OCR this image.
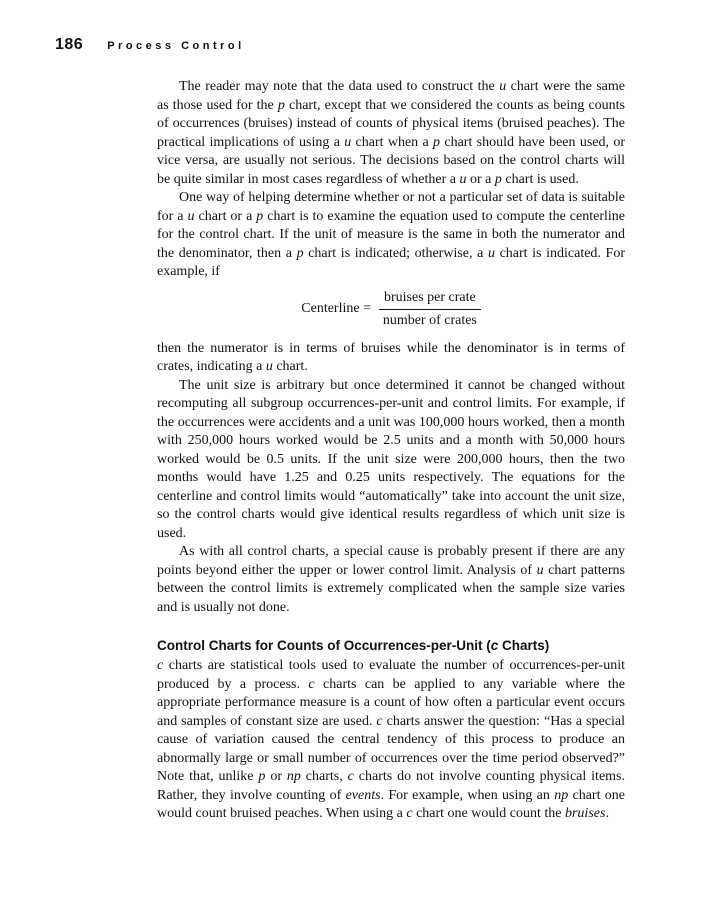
186 Process Control

The reader may note that the data used to construct the u chart were the same as those used for the p chart, except that we considered the counts as being counts of occurrences (bruises) instead of counts of physical items (bruised peaches). The practical implications of using a u chart when a p chart should have been used, or vice versa, are usually not serious. The decisions based on the control charts will be quite similar in most cases regardless of whether a u or a p chart is used.

One way of helping determine whether or not a particular set of data is suitable for a u chart or a p chart is to examine the equation used to compute the centerline for the control chart. If the unit of measure is the same in both the numerator and the denominator, then a p chart is indicated; otherwise, a u chart is indicated. For example, if

Centerline = $\frac{\text{bruises per crate}}{\text{number of crates}}$

then the numerator is in terms of bruises while the denominator is in terms of crates, indicating a u chart.

The unit size is arbitrary but once determined it cannot be changed without recomputing all subgroup occurrences-per-unit and control limits. For example, if the occurrences were accidents and a unit was 100,000 hours worked, then a month with 250,000 hours worked would be 2.5 units and a month with 50,000 hours worked would be 0.5 units. If the unit size were 200,000 hours, then the two months would have 1.25 and 0.25 units respectively. The equations for the centerline and control limits would “automatically” take into account the unit size, so the control charts would give identical results regardless of which unit size is used.

As with all control charts, a special cause is probably present if there are any points beyond either the upper or lower control limit. Analysis of u chart patterns between the control limits is extremely complicated when the sample size varies and is usually not done.

Control Charts for Counts of Occurrences-per-Unit (c Charts)

c charts are statistical tools used to evaluate the number of occurrences-per-unit produced by a process. c charts can be applied to any variable where the appropriate performance measure is a count of how often a particular event occurs and samples of constant size are used. c charts answer the question: “Has a special cause of variation caused the central tendency of this process to produce an abnormally large or small number of occurrences over the time period observed?” Note that, unlike p or np charts, c charts do not involve counting physical items. Rather, they involve counting of events. For example, when using an np chart one would count bruised peaches. When using a c chart one would count the bruises.
